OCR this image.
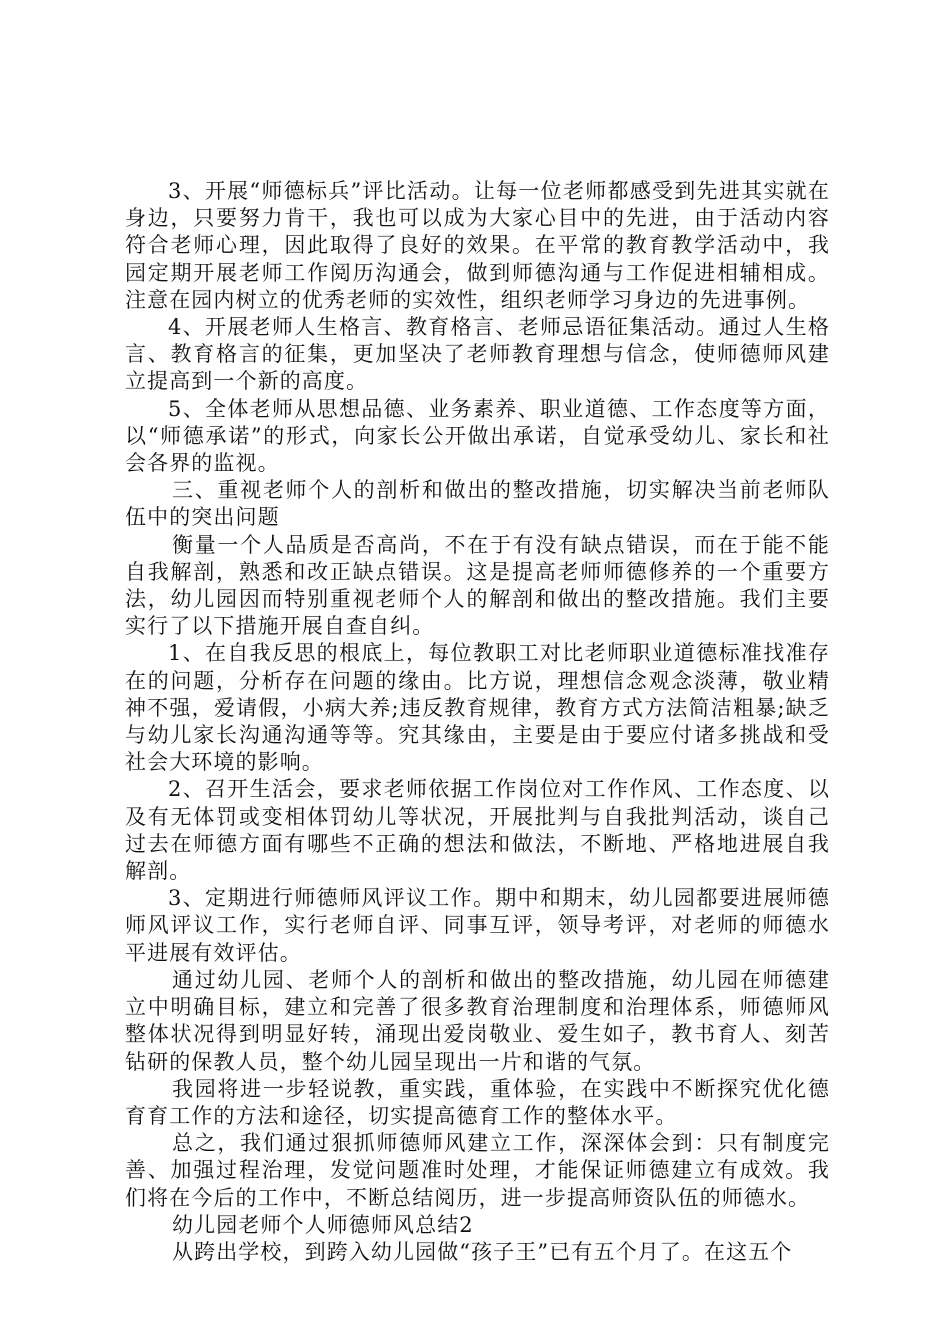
3、开展“师德标兵”评比活动。让每一位老师都感受到先进其实就在身边，只要努力肯干，我也可以成为大家心目中的先进，由于活动内容符合老师心理，因此取得了良好的效果。在平常的教育教学活动中，我园定期开展老师工作阅历沟通会，做到师德沟通与工作促进相辅相成。注意在园内树立的优秀老师的实效性，组织老师学习身边的先进事例。

4、开展老师人生格言、教育格言、老师忌语征集活动。通过人生格言、教育格言的征集，更加坚决了老师教育理想与信念，使师德师风建立提高到一个新的高度。

5、全体老师从思想品德、业务素养、职业道德、工作态度等方面，以“师德承诺”的形式，向家长公开做出承诺，自觉承受幼儿、家长和社会各界的监视。

三、重视老师个人的剖析和做出的整改措施，切实解决当前老师队伍中的突出问题

衡量一个人品质是否高尚，不在于有没有缺点错误，而在于能不能自我解剖，熟悉和改正缺点错误。这是提高老师师德修养的一个重要方法，幼儿园因而特别重视老师个人的解剖和做出的整改措施。我们主要实行了以下措施开展自查自纠。

1、在自我反思的根底上，每位教职工对比老师职业道德标准找准存在的问题，分析存在问题的缘由。比方说，理想信念观念淡薄，敬业精神不强，爱请假，小病大养;违反教育规律，教育方式方法简洁粗暴;缺乏与幼儿家长沟通沟通等等。究其缘由，主要是由于要应付诸多挑战和受社会大环境的影响。

2、召开生活会，要求老师依据工作岗位对工作作风、工作态度、以及有无体罚或变相体罚幼儿等状况，开展批判与自我批判活动，谈自己过去在师德方面有哪些不正确的想法和做法，不断地、严格地进展自我解剖。

3、定期进行师德师风评议工作。期中和期末，幼儿园都要进展师德师风评议工作，实行老师自评、同事互评，领导考评，对老师的师德水平进展有效评估。

通过幼儿园、老师个人的剖析和做出的整改措施，幼儿园在师德建立中明确目标，建立和完善了很多教育治理制度和治理体系，师德师风整体状况得到明显好转，涌现出爱岗敬业、爱生如子，教书育人、刻苦钻研的保教人员，整个幼儿园呈现出一片和谐的气氛。

我园将进一步轻说教，重实践，重体验，在实践中不断探究优化德育育工作的方法和途径，切实提高德育工作的整体水平。

总之，我们通过狠抓师德师风建立工作，深深体会到：只有制度完善、加强过程治理，发觉问题准时处理，才能保证师德建立有成效。我们将在今后的工作中，不断总结阅历，进一步提高师资队伍的师德水。

幼儿园老师个人师德师风总结2

从跨出学校，到跨入幼儿园做“孩子王”已有五个月了。在这五个
